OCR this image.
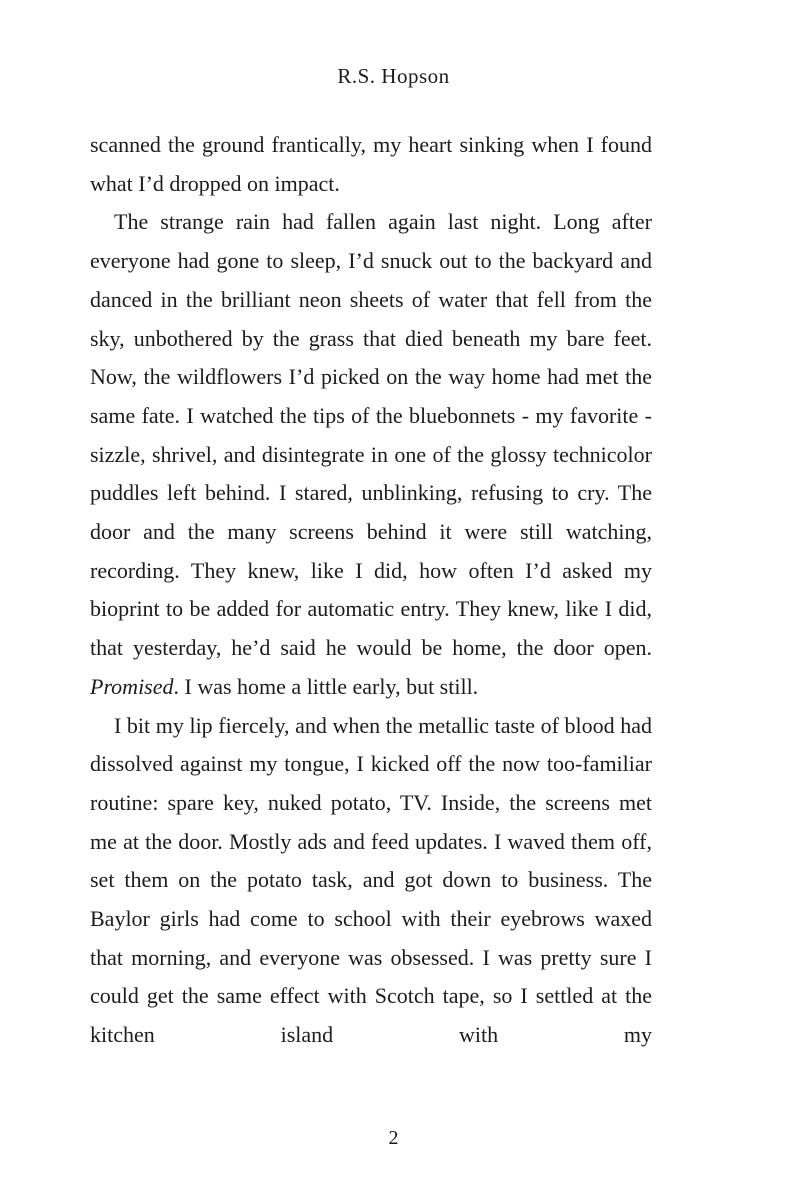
R.S. Hopson

scanned the ground frantically, my heart sinking when I found what I’d dropped on impact.

The strange rain had fallen again last night. Long after everyone had gone to sleep, I’d snuck out to the backyard and danced in the brilliant neon sheets of water that fell from the sky, unbothered by the grass that died beneath my bare feet. Now, the wildflowers I’d picked on the way home had met the same fate. I watched the tips of the bluebonnets - my favorite - sizzle, shrivel, and disintegrate in one of the glossy technicolor puddles left behind. I stared, unblinking, refusing to cry. The door and the many screens behind it were still watching, recording. They knew, like I did, how often I’d asked my bioprint to be added for automatic entry. They knew, like I did, that yesterday, he’d said he would be home, the door open. Promised. I was home a little early, but still.

I bit my lip fiercely, and when the metallic taste of blood had dissolved against my tongue, I kicked off the now too-familiar routine: spare key, nuked potato, TV. Inside, the screens met me at the door. Mostly ads and feed updates. I waved them off, set them on the potato task, and got down to business. The Baylor girls had come to school with their eyebrows waxed that morning, and everyone was obsessed. I was pretty sure I could get the same effect with Scotch tape, so I settled at the kitchen island with my

2
